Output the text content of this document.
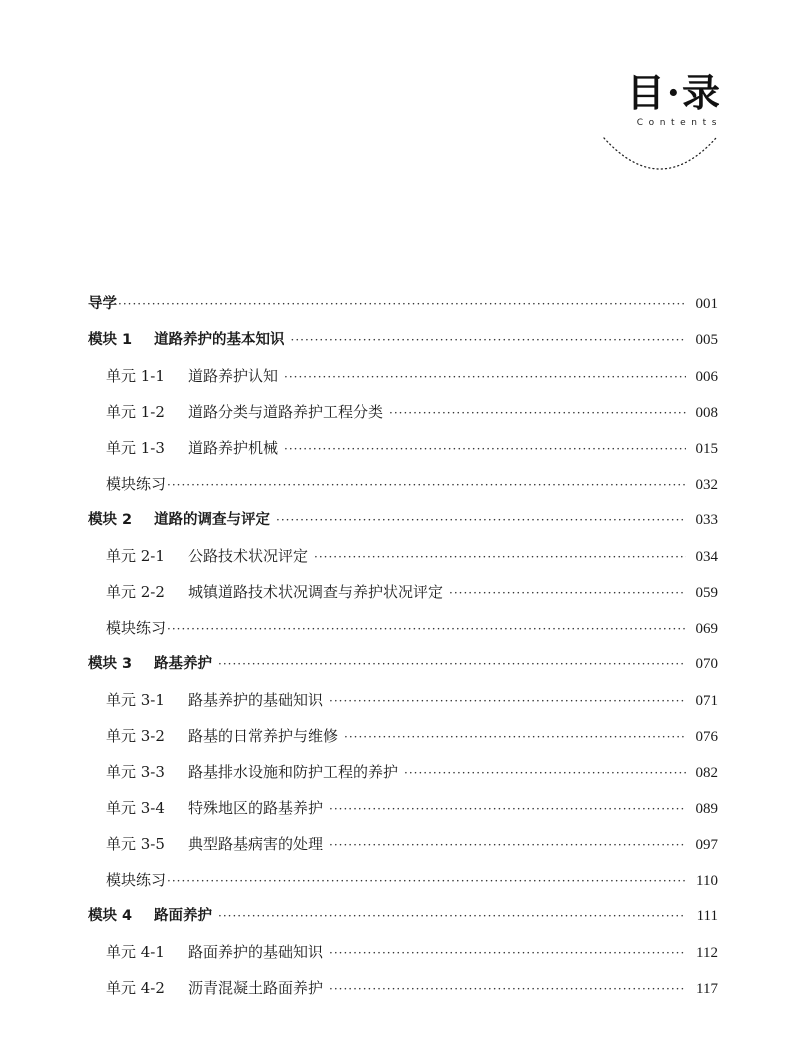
目·录
Contents
导学 ·····	001
模块 1	道路养护的基本知识 ·····	005
单元 1-1	道路养护认知 ·····	006
单元 1-2	道路分类与道路养护工程分类 ·····	008
单元 1-3	道路养护机械 ·····	015
模块练习 ·····	032
模块 2	道路的调查与评定 ·····	033
单元 2-1	公路技术状况评定 ·····	034
单元 2-2	城镇道路技术状况调查与养护状况评定 ·····	059
模块练习 ·····	069
模块 3	路基养护 ·····	070
单元 3-1	路基养护的基础知识 ·····	071
单元 3-2	路基的日常养护与维修 ·····	076
单元 3-3	路基排水设施和防护工程的养护 ·····	082
单元 3-4	特殊地区的路基养护 ·····	089
单元 3-5	典型路基病害的处理 ·····	097
模块练习 ·····	110
模块 4	路面养护 ·····	111
单元 4-1	路面养护的基础知识 ·····	112
单元 4-2	沥青混凝土路面养护 ·····	117
